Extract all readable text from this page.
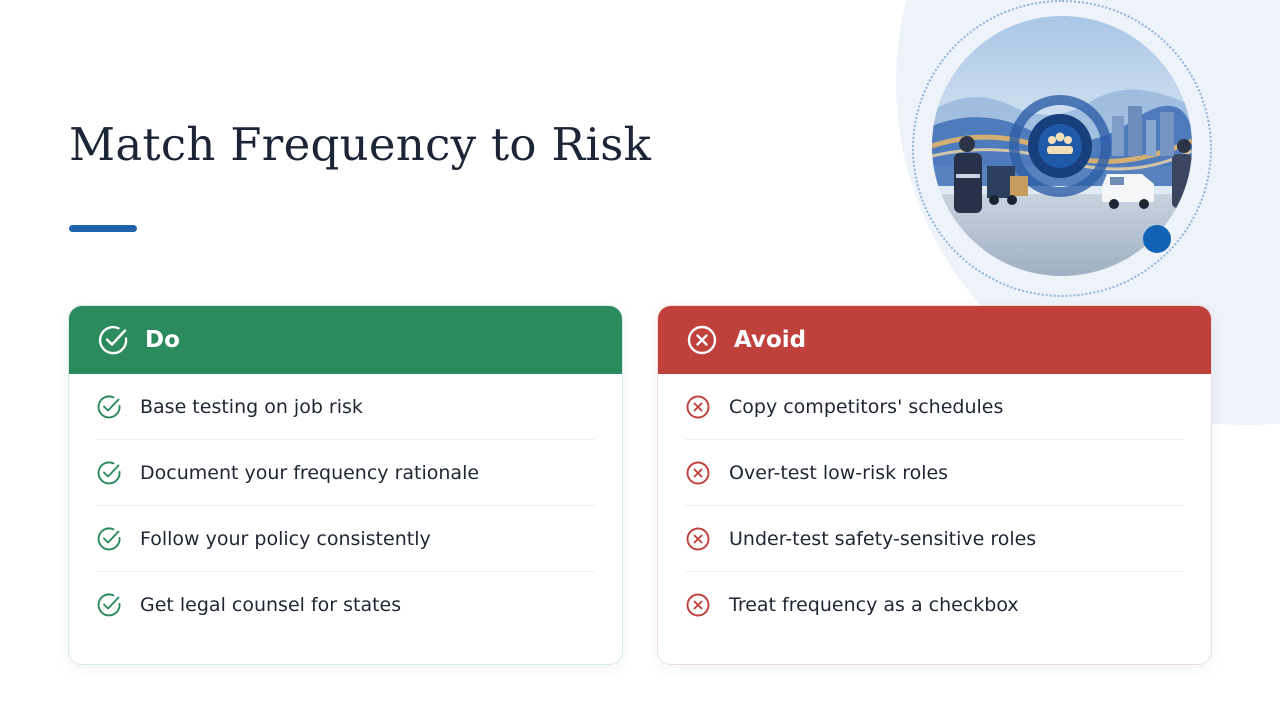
Match Frequency to Risk
Do
Base testing on job risk
Document your frequency rationale
Follow your policy consistently
Get legal counsel for states
Avoid
Copy competitors' schedules
Over-test low-risk roles
Under-test safety-sensitive roles
Treat frequency as a checkbox
